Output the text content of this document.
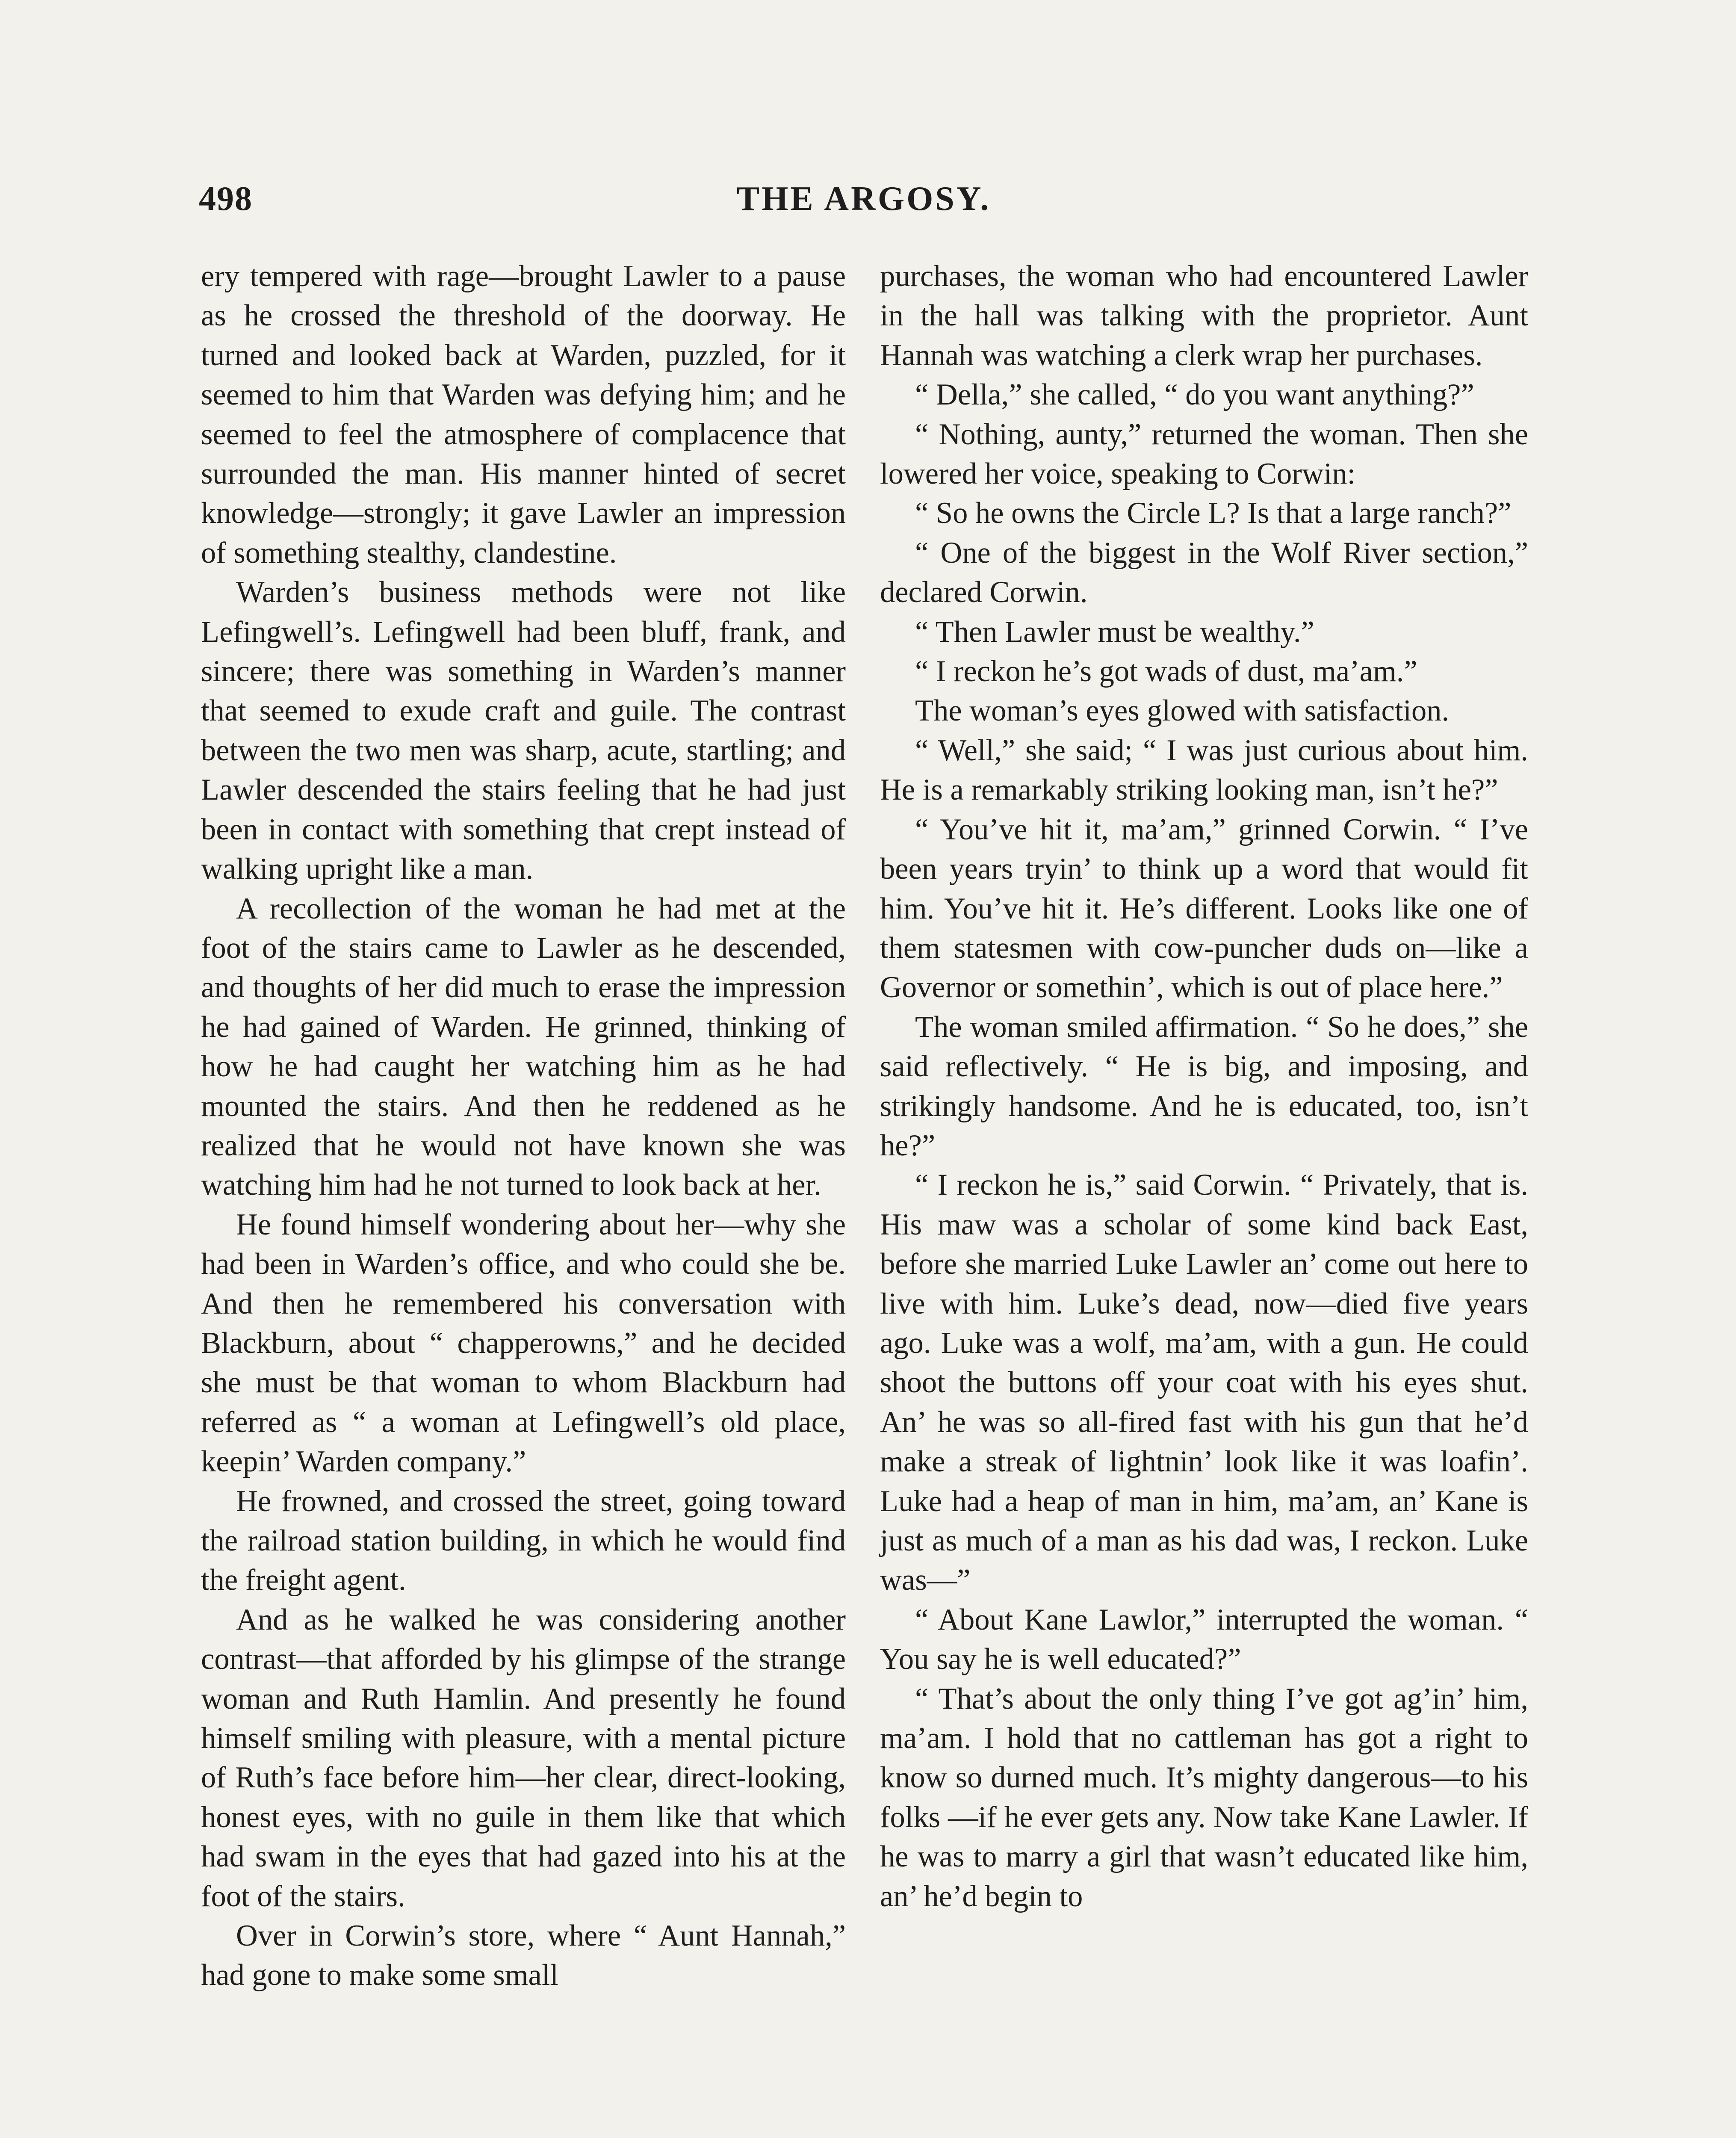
498	THE ARGOSY.

ery tempered with rage—brought Lawler to a pause as he crossed the threshold of the doorway. He turned and looked back at Warden, puzzled, for it seemed to him that Warden was defying him; and he seemed to feel the atmosphere of complacence that surrounded the man. His manner hinted of secret knowledge—strongly; it gave Lawler an impression of something stealthy, clandestine.

Warden’s business methods were not like Lefingwell’s. Lefingwell had been bluff, frank, and sincere; there was something in Warden’s manner that seemed to exude craft and guile. The contrast between the two men was sharp, acute, startling; and Lawler descended the stairs feeling that he had just been in contact with something that crept instead of walking upright like a man.

A recollection of the woman he had met at the foot of the stairs came to Lawler as he descended, and thoughts of her did much to erase the impression he had gained of Warden. He grinned, thinking of how he had caught her watching him as he had mounted the stairs. And then he reddened as he realized that he would not have known she was watching him had he not turned to look back at her.

He found himself wondering about her—why she had been in Warden’s office, and who could she be. And then he remembered his conversation with Blackburn, about “ chapperowns,” and he decided she must be that woman to whom Blackburn had referred as “ a woman at Lefingwell’s old place, keepin’ Warden company.”

He frowned, and crossed the street, going toward the railroad station building, in which he would find the freight agent.

And as he walked he was considering another contrast—that afforded by his glimpse of the strange woman and Ruth Hamlin. And presently he found himself smiling with pleasure, with a mental picture of Ruth’s face before him—her clear, direct-looking, honest eyes, with no guile in them like that which had swam in the eyes that had gazed into his at the foot of the stairs.

Over in Corwin’s store, where “ Aunt Hannah,” had gone to make some small

purchases, the woman who had encountered Lawler in the hall was talking with the proprietor. Aunt Hannah was watching a clerk wrap her purchases.

“ Della,” she called, “ do you want anything?”

“ Nothing, aunty,” returned the woman. Then she lowered her voice, speaking to Corwin:

“ So he owns the Circle L? Is that a large ranch?”

“ One of the biggest in the Wolf River section,” declared Corwin.

“ Then Lawler must be wealthy.”

“ I reckon he’s got wads of dust, ma’am.”

The woman’s eyes glowed with satisfaction.

“ Well,” she said; “ I was just curious about him. He is a remarkably striking looking man, isn’t he?”

“ You’ve hit it, ma’am,” grinned Corwin. “ I’ve been years tryin’ to think up a word that would fit him. You’ve hit it. He’s different. Looks like one of them statesmen with cow-puncher duds on—like a Governor or somethin’, which is out of place here.”

The woman smiled affirmation. “ So he does,” she said reflectively. “ He is big, and imposing, and strikingly handsome. And he is educated, too, isn’t he?”

“ I reckon he is,” said Corwin. “ Privately, that is. His maw was a scholar of some kind back East, before she married Luke Lawler an’ come out here to live with him. Luke’s dead, now—died five years ago. Luke was a wolf, ma’am, with a gun. He could shoot the buttons off your coat with his eyes shut. An’ he was so all-fired fast with his gun that he’d make a streak of lightnin’ look like it was loafin’. Luke had a heap of man in him, ma’am, an’ Kane is just as much of a man as his dad was, I reckon. Luke was—”

“ About Kane Lawlor,” interrupted the woman. “ You say he is well educated?”

“ That’s about the only thing I’ve got ag’in’ him, ma’am. I hold that no cattleman has got a right to know so durned much. It’s mighty dangerous—to his folks —if he ever gets any. Now take Kane Lawler. If he was to marry a girl that wasn’t educated like him, an’ he’d begin to
